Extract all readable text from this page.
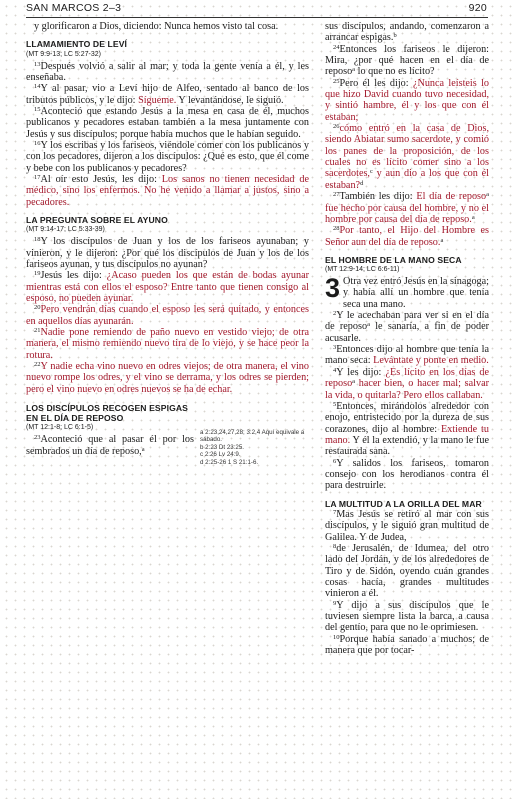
SAN MARCOS 2–3	920

y glorificaron a Dios, diciendo: Nunca hemos visto tal cosa.

LLAMAMIENTO DE LEVÍ
(MT 9:9-13; LC 5:27-32)

$^{13}$Después volvió a salir al mar; y toda la gente venía a él, y les enseñaba.

$^{14}$Y al pasar, vio a Leví hijo de Alfeo, sentado al banco de los tributos públicos, y le dijo: Sígueme. Y levantándose, le siguió.

$^{15}$Aconteció que estando Jesús a la mesa en casa de él, muchos publicanos y pecadores estaban también a la mesa juntamente con Jesús y sus discípulos; porque había muchos que le habían seguido.

$^{16}$Y los escribas y los fariseos, viéndole comer con los publicanos y con los pecadores, dijeron a los discípulos: ¿Qué es esto, que él come y bebe con los publicanos y pecadores?

$^{17}$Al oír esto Jesús, les dijo: Los sanos no tienen necesidad de médico, sino los enfermos. No he venido a llamar a justos, sino a pecadores.

LA PREGUNTA SOBRE EL AYUNO
(MT 9:14-17; LC 5:33-39)

$^{18}$Y los discípulos de Juan y los de los fariseos ayunaban; y vinieron, y le dijeron: ¿Por qué los discípulos de Juan y los de los fariseos ayunan, y tus discípulos no ayunan?

$^{19}$Jesús les dijo: ¿Acaso pueden los que están de bodas ayunar mientras está con ellos el esposo? Entre tanto que tienen consigo al esposo, no pueden ayunar.

$^{20}$Pero vendrán días cuando el esposo les será quitado, y entonces en aquellos días ayunarán.

$^{21}$Nadie pone remiendo de paño nuevo en vestido viejo; de otra manera, el mismo remiendo nuevo tira de lo viejo, y se hace peor la rotura.

$^{22}$Y nadie echa vino nuevo en odres viejos; de otra manera, el vino nuevo rompe los odres, y el vino se derrama, y los odres se pierden; pero el vino nuevo en odres nuevos se ha de echar.

LOS DISCÍPULOS RECOGEN ESPIGAS EN EL DÍA DE REPOSO
(MT 12:1-8; LC 6:1-5)

$^{23}$Aconteció que al pasar él por los sembrados un día de reposo,$^a$

a 2:23,24,27,28; 3:2,4 Aquí equivale a sábado.
b 2:23 Dt 23:25.
c 2:26 Lv 24:9.
d 2:25-26 1 S 21:1-6.

sus discípulos, andando, comenzaron a arrancar espigas.$^b$

$^{24}$Entonces los fariseos le dijeron: Mira, ¿por qué hacen en el día de reposo$^a$ lo que no es lícito?

$^{25}$Pero él les dijo: ¿Nunca leísteis lo que hizo David cuando tuvo necesidad, y sintió hambre, él y los que con él estaban;

$^{26}$cómo entró en la casa de Dios, siendo Abiatar sumo sacerdote, y comió los panes de la proposición, de los cuales no es lícito comer sino a los sacerdotes,$^c$ y aun dio a los que con él estaban?$^d$

$^{27}$También les dijo: El día de reposo$^a$ fue hecho por causa del hombre, y no el hombre por causa del día de reposo.$^a$

$^{28}$Por tanto, el Hijo del Hombre es Señor aun del día de reposo.$^a$

EL HOMBRE DE LA MANO SECA
(MT 12:9-14; LC 6:6-11)

3 Otra vez entró Jesús en la sinagoga; y había allí un hombre que tenía seca una mano.

$^2$Y le acechaban para ver si en el día de reposo$^a$ le sanaría, a fin de poder acusarle.

$^3$Entonces dijo al hombre que tenía la mano seca: Levántate y ponte en medio.

$^4$Y les dijo: ¿Es lícito en los días de reposo$^a$ hacer bien, o hacer mal; salvar la vida, o quitarla? Pero ellos callaban.

$^5$Entonces, mirándolos alrededor con enojo, entristecido por la dureza de sus corazones, dijo al hombre: Extiende tu mano. Y él la extendió, y la mano le fue restaurada sana.

$^6$Y salidos los fariseos, tomaron consejo con los herodianos contra él para destruirle.

LA MULTITUD A LA ORILLA DEL MAR

$^7$Mas Jesús se retiró al mar con sus discípulos, y le siguió gran multitud de Galilea. Y de Judea,

$^8$de Jerusalén, de Idumea, del otro lado del Jordán, y de los alrededores de Tiro y de Sidón, oyendo cuán grandes cosas hacía, grandes multitudes vinieron a él.

$^9$Y dijo a sus discípulos que le tuviesen siempre lista la barca, a causa del gentío, para que no le oprimiesen.

$^{10}$Porque había sanado a muchos; de manera que por tocar-
